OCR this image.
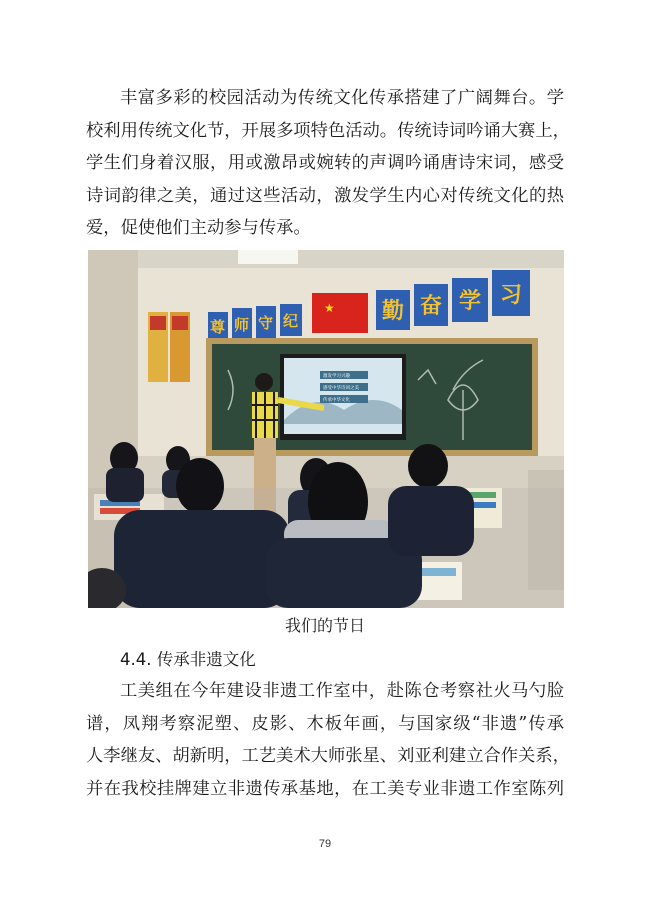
丰富多彩的校园活动为传统文化传承搭建了广阔舞台。学
校利用传统文化节，开展多项特色活动。传统诗词吟诵大赛上，
学生们身着汉服，用或激昂或婉转的声调吟诵唐诗宋词，感受
诗词韵律之美，通过这些活动，激发学生内心对传统文化的热
爱，促使他们主动参与传承。

★
尊 师 守 纪	勤 奋 学 习
激发学习兴趣
感受中华诗词之美
传承中华文化
我们的节日
4.4. 传承非遗文化

工美组在今年建设非遗工作室中，赴陈仓考察社火马勺脸
谱，凤翔考察泥塑、皮影、木板年画，与国家级“非遗”传承
人李继友、胡新明，工艺美术大师张星、刘亚利建立合作关系，
并在我校挂牌建立非遗传承基地，在工美专业非遗工作室陈列

79
